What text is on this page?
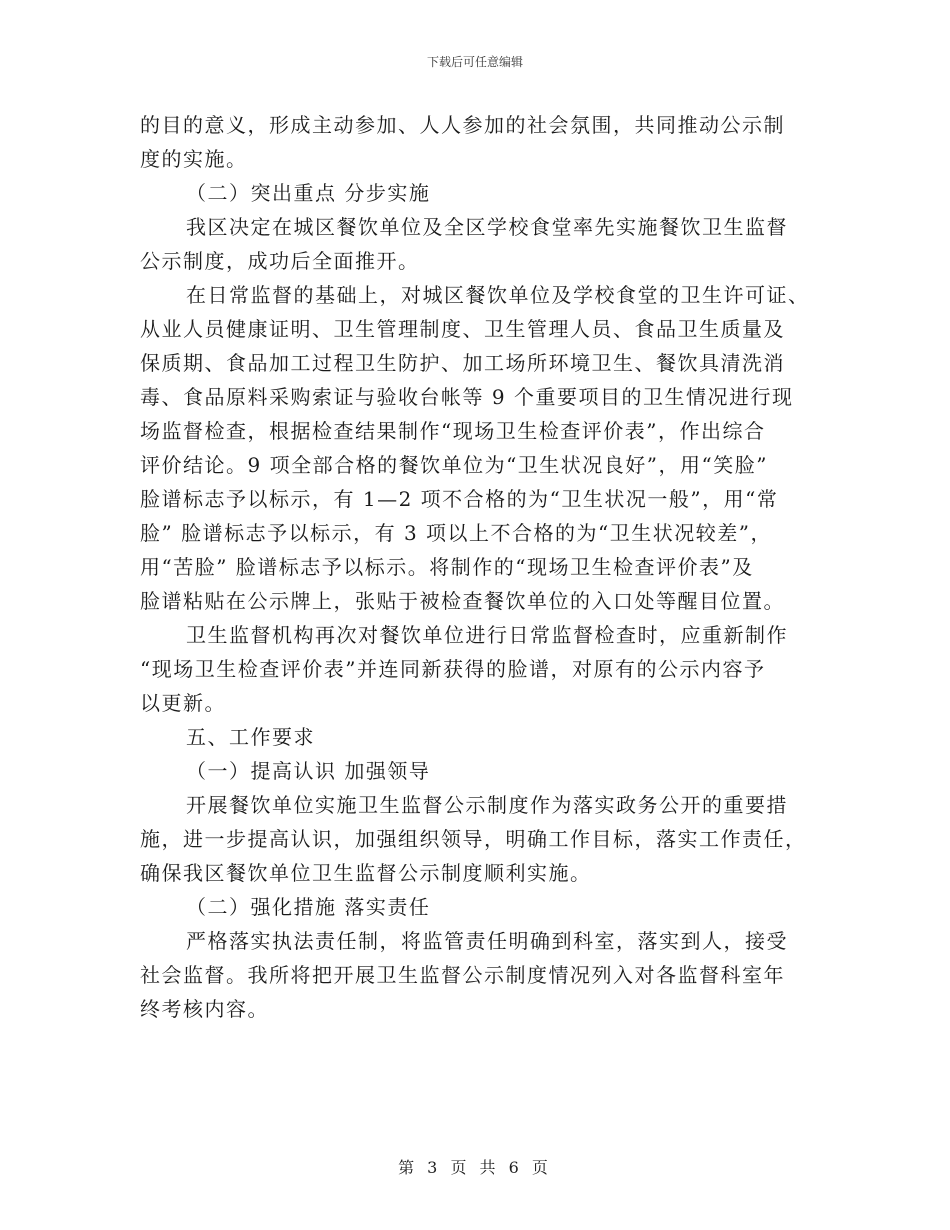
下载后可任意编辑
的目的意义，形成主动参加、人人参加的社会氛围，共同推动公示制
度的实施。
（二）突出重点 分步实施
我区决定在城区餐饮单位及全区学校食堂率先实施餐饮卫生监督
公示制度，成功后全面推开。
在日常监督的基础上，对城区餐饮单位及学校食堂的卫生许可证、
从业人员健康证明、卫生管理制度、卫生管理人员、食品卫生质量及
保质期、食品加工过程卫生防护、加工场所环境卫生、餐饮具清洗消
毒、食品原料采购索证与验收台帐等 9 个重要项目的卫生情况进行现
场监督检查，根据检查结果制作“现场卫生检查评价表”，作出综合
评价结论。9 项全部合格的餐饮单位为“卫生状况良好”，用“笑脸”
脸谱标志予以标示，有 1—2 项不合格的为“卫生状况一般”，用“常
脸” 脸谱标志予以标示，有 3 项以上不合格的为“卫生状况较差”，
用“苦脸” 脸谱标志予以标示。将制作的“现场卫生检查评价表”及
脸谱粘贴在公示牌上，张贴于被检查餐饮单位的入口处等醒目位置。
卫生监督机构再次对餐饮单位进行日常监督检查时，应重新制作
“现场卫生检查评价表”并连同新获得的脸谱，对原有的公示内容予
以更新。
五、工作要求
（一）提高认识 加强领导
开展餐饮单位实施卫生监督公示制度作为落实政务公开的重要措
施，进一步提高认识，加强组织领导，明确工作目标，落实工作责任，
确保我区餐饮单位卫生监督公示制度顺利实施。
（二）强化措施 落实责任
严格落实执法责任制，将监管责任明确到科室，落实到人，接受
社会监督。我所将把开展卫生监督公示制度情况列入对各监督科室年
终考核内容。
第 3 页 共 6 页
